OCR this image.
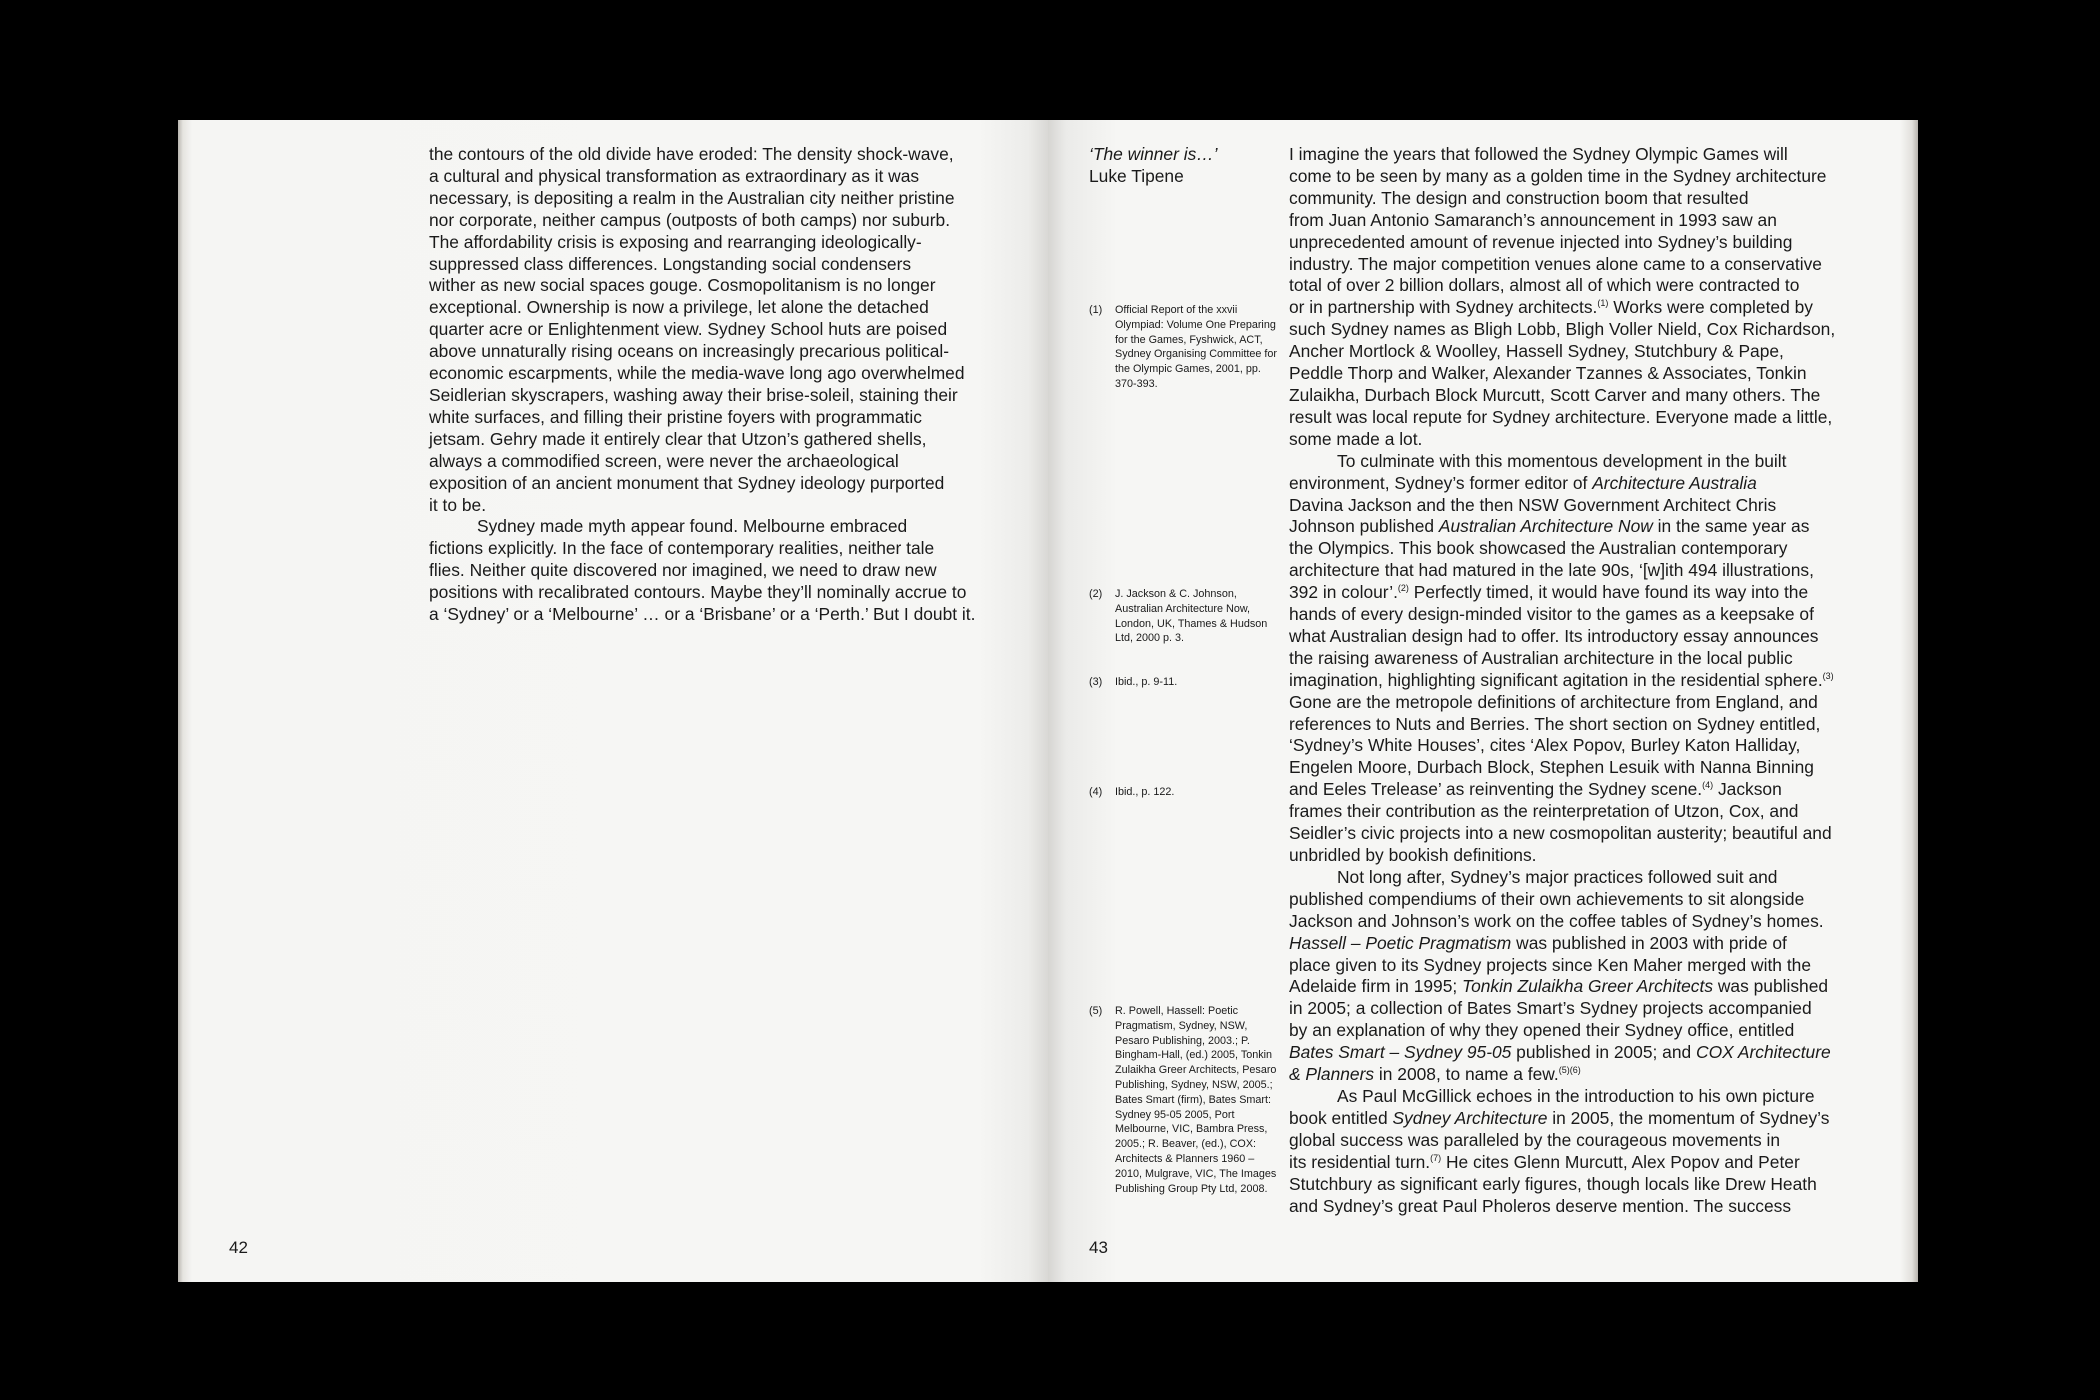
the contours of the old divide have eroded: The density shock-wave,
a cultural and physical transformation as extraordinary as it was
necessary, is depositing a realm in the Australian city neither pristine
nor corporate, neither campus (outposts of both camps) nor suburb.
The affordability crisis is exposing and rearranging ideologically-
suppressed class differences. Longstanding social condensers
wither as new social spaces gouge. Cosmopolitanism is no longer
exceptional. Ownership is now a privilege, let alone the detached
quarter acre or Enlightenment view. Sydney School huts are poised
above unnaturally rising oceans on increasingly precarious political-
economic escarpments, while the media-wave long ago overwhelmed
Seidlerian skyscrapers, washing away their brise-soleil, staining their
white surfaces, and filling their pristine foyers with programmatic
jetsam. Gehry made it entirely clear that Utzon’s gathered shells,
always a commodified screen, were never the archaeological
exposition of an ancient monument that Sydney ideology purported
it to be.
Sydney made myth appear found. Melbourne embraced
fictions explicitly. In the face of contemporary realities, neither tale
flies. Neither quite discovered nor imagined, we need to draw new
positions with recalibrated contours. Maybe they’ll nominally accrue to
a ‘Sydney’ or a ‘Melbourne’ … or a ‘Brisbane’ or a ‘Perth.’ But I doubt it.
42
‘The winner is…’
Luke Tipene
(1)	Official Report of the xxvii Olympiad: Volume One Preparing for the Games, Fyshwick, ACT, Sydney Organising Committee for the Olympic Games, 2001, pp. 370-393.
(2)	J. Jackson & C. Johnson, Australian Architecture Now, London, UK, Thames & Hudson Ltd, 2000 p. 3.
(3)	Ibid., p. 9-11.
(4)	Ibid., p. 122.
(5)	R. Powell, Hassell: Poetic Pragmatism, Sydney, NSW, Pesaro Publishing, 2003.; P. Bingham-Hall, (ed.) 2005, Tonkin Zulaikha Greer Architects, Pesaro Publishing, Sydney, NSW, 2005.; Bates Smart (firm), Bates Smart: Sydney 95-05 2005, Port Melbourne, VIC, Bambra Press, 2005.; R. Beaver, (ed.), COX: Architects & Planners 1960 – 2010, Mulgrave, VIC, The Images Publishing Group Pty Ltd, 2008.
I imagine the years that followed the Sydney Olympic Games will
come to be seen by many as a golden time in the Sydney architecture
community. The design and construction boom that resulted
from Juan Antonio Samaranch’s announcement in 1993 saw an
unprecedented amount of revenue injected into Sydney’s building
industry. The major competition venues alone came to a conservative
total of over 2 billion dollars, almost all of which were contracted to
or in partnership with Sydney architects.$^{(1)}$ Works were completed by
such Sydney names as Bligh Lobb, Bligh Voller Nield, Cox Richardson,
Ancher Mortlock & Woolley, Hassell Sydney, Stutchbury & Pape,
Peddle Thorp and Walker, Alexander Tzannes & Associates, Tonkin
Zulaikha, Durbach Block Murcutt, Scott Carver and many others. The
result was local repute for Sydney architecture. Everyone made a little,
some made a lot.
To culminate with this momentous development in the built
environment, Sydney’s former editor of Architecture Australia
Davina Jackson and the then NSW Government Architect Chris
Johnson published Australian Architecture Now in the same year as
the Olympics. This book showcased the Australian contemporary
architecture that had matured in the late 90s, ‘[w]ith 494 illustrations,
392 in colour’.$^{(2)}$ Perfectly timed, it would have found its way into the
hands of every design-minded visitor to the games as a keepsake of
what Australian design had to offer. Its introductory essay announces
the raising awareness of Australian architecture in the local public
imagination, highlighting significant agitation in the residential sphere.$^{(3)}$
Gone are the metropole definitions of architecture from England, and
references to Nuts and Berries. The short section on Sydney entitled,
‘Sydney’s White Houses’, cites ‘Alex Popov, Burley Katon Halliday,
Engelen Moore, Durbach Block, Stephen Lesuik with Nanna Binning
and Eeles Trelease’ as reinventing the Sydney scene.$^{(4)}$ Jackson
frames their contribution as the reinterpretation of Utzon, Cox, and
Seidler’s civic projects into a new cosmopolitan austerity; beautiful and
unbridled by bookish definitions.
Not long after, Sydney’s major practices followed suit and
published compendiums of their own achievements to sit alongside
Jackson and Johnson’s work on the coffee tables of Sydney’s homes.
Hassell – Poetic Pragmatism was published in 2003 with pride of
place given to its Sydney projects since Ken Maher merged with the
Adelaide firm in 1995; Tonkin Zulaikha Greer Architects was published
in 2005; a collection of Bates Smart’s Sydney projects accompanied
by an explanation of why they opened their Sydney office, entitled
Bates Smart – Sydney 95-05 published in 2005; and COX Architecture
& Planners in 2008, to name a few.$^{(5)(6)}$
As Paul McGillick echoes in the introduction to his own picture
book entitled Sydney Architecture in 2005, the momentum of Sydney’s
global success was paralleled by the courageous movements in
its residential turn.$^{(7)}$ He cites Glenn Murcutt, Alex Popov and Peter
Stutchbury as significant early figures, though locals like Drew Heath
and Sydney’s great Paul Pholeros deserve mention. The success
43
